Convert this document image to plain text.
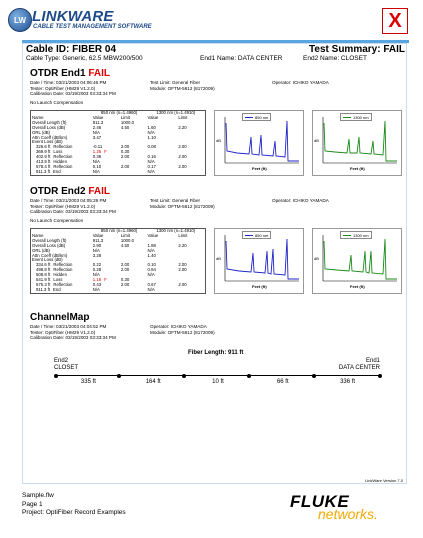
LW LINKWARE
CABLE TEST MANAGEMENT SOFTWARE	X
Cable ID: FIBER 04	Test Summary: FAIL
Cable Type: Generic, 62.5 MBW200/500	End1 Name: DATA CENTER	End2 Name: CLOSET
OTDR End1 FAIL
Date / Time: 03/21/2003 04:06:46 PM
Tester: OptiFiber (HM29 V1.2.0)
Calibration Date: 03/19/2003 03:33:34 PM
Test Limit: General Fiber
Module: OFTM-5612 (8172009)
Operator: ICHIKO YAMADA
No Launch Compensation
	850 nm (n=1.4960)		1300 nm (n=1.4910)	
Name	Value	Limit	Value	Limit
Overall Length (ft)	911.3	1000.0		
Overall Loss (dB)	2.46	4.50	1.60	2.20
ORL (dB)	N/A		N/A	
Attn Coeff (dB/km)	3.47		1.10	
Event Loss (dB)				
326.6 ft Reflection	-0.11	2.00	0.08	2.00
369.9 ft Loss	1.26 F	0.30		
402.9 ft Reflection	0.36	2.00	0.16	2.00
413.9 ft Hidden	N/A		N/A	
578.4 ft Reflection	0.10	2.00	0.17	2.00
911.3 ft End	N/A		N/A	
850 nm
dB
Feet (ft)
1300 nm
dB
Feet (ft)
OTDR End2 FAIL
Date / Time: 03/21/2003 04:05:29 PM
Tester: OptiFiber (HM29 V1.2.0)
Calibration Date: 03/19/2003 03:33:34 PM
Test Limit: General Fiber
Module: OFTM-5612 (8172009)
Operator: ICHIKO YAMADA
No Launch Compensation
	850 nm (n=1.4960)		1300 nm (n=1.4910)	
Name	Value	Limit	Value	Limit
Overall Length (ft)	911.3	1000.0		
Overall Loss (dB)	2.90	4.50	1.88	2.20
ORL (dB)	N/A		N/A	
Attn Coeff (dB/km)	3.28		1.40	
Event Loss (dB)				
334.6 ft Reflection	0.22	2.00	0.10	2.00
498.8 ft Reflection	0.28	2.00	0.84	2.00
508.8 ft Hidden	N/A		N/A	
541.9 ft Loss	1.18 F	0.30		
575.3 ft Reflection	0.43	2.00	0.67	2.00
911.3 ft End	N/A		N/A	
850 nm
dB
Feet (ft)
1300 nm
dB
Feet (ft)
ChannelMap
Date / Time: 03/21/2003 04:04:52 PM
Tester: OptiFiber (HM29 V1.2.0)
Calibration Date: 03/19/2003 03:33:34 PM
Operator: ICHIKO YAMADA
Module: OFTM-5612 (8172009)
Fiber Length: 911 ft
End2
CLOSET
End1
DATA CENTER
335 ft	164 ft	10 ft	66 ft	336 ft
LinkWare Version 7.0
Sample.flw
Page 1
Project: OptiFiber Record Examples
FLUKE
networks.
